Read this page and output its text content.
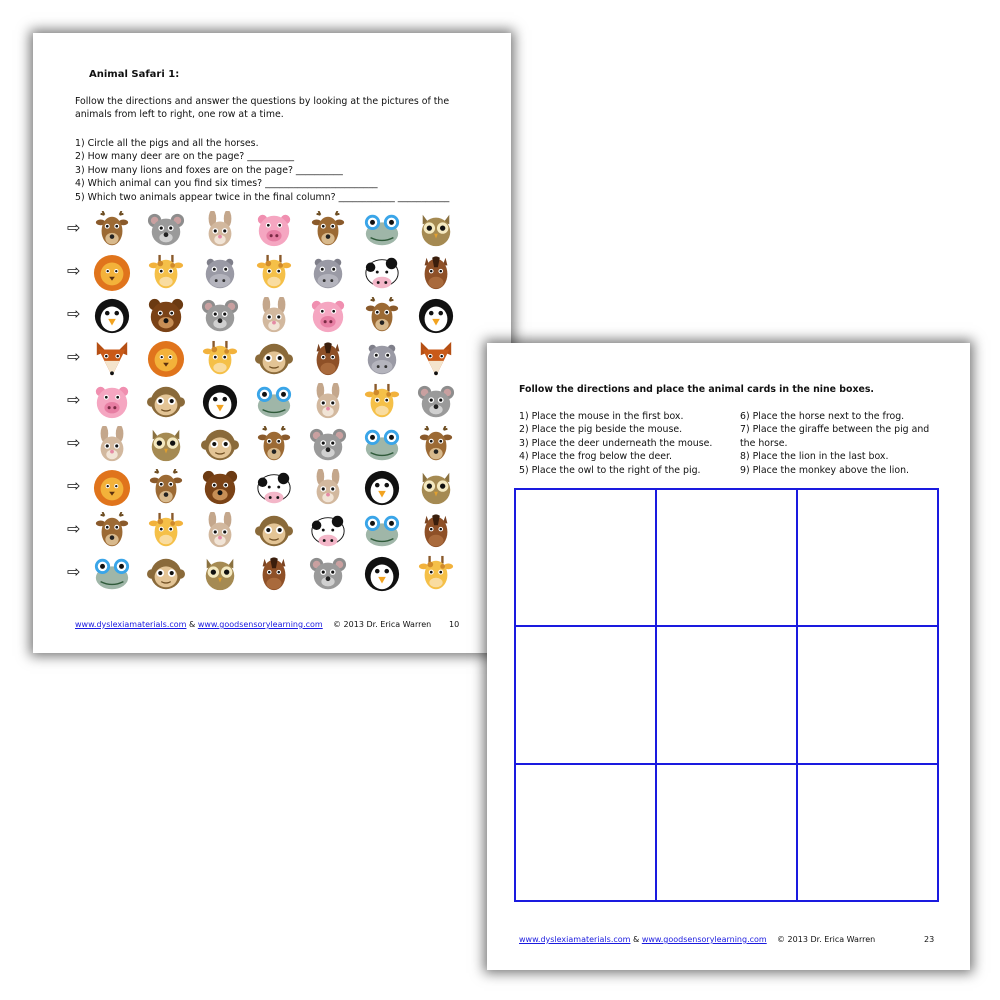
Animal Safari 1:
Follow the directions and answer the questions by looking at the pictures of the animals from left to right, one row at a time.
1) Circle all the pigs and all the horses.
2) How many deer are on the page? __________
3) How many lions and foxes are on the page? __________
4) Which animal can you find six times? ________________________
5) Which two animals appear twice in the final column? ____________ ___________
⇨
⇨
⇨
⇨
⇨
⇨
⇨
⇨
⇨
www.dyslexiamaterials.com & www.goodsensorylearning.com © 2013 Dr. Erica Warren 10
Follow the directions and place the animal cards in the nine boxes.
1) Place the mouse in the first box.
2) Place the pig beside the mouse.
3) Place the deer underneath the mouse.
4) Place the frog below the deer.
5) Place the owl to the right of the pig.
6) Place the horse next to the frog.
7) Place the giraffe between the pig and the horse.
8) Place the lion in the last box.
9) Place the monkey above the lion.
www.dyslexiamaterials.com & www.goodsensorylearning.com © 2013 Dr. Erica Warren	23
